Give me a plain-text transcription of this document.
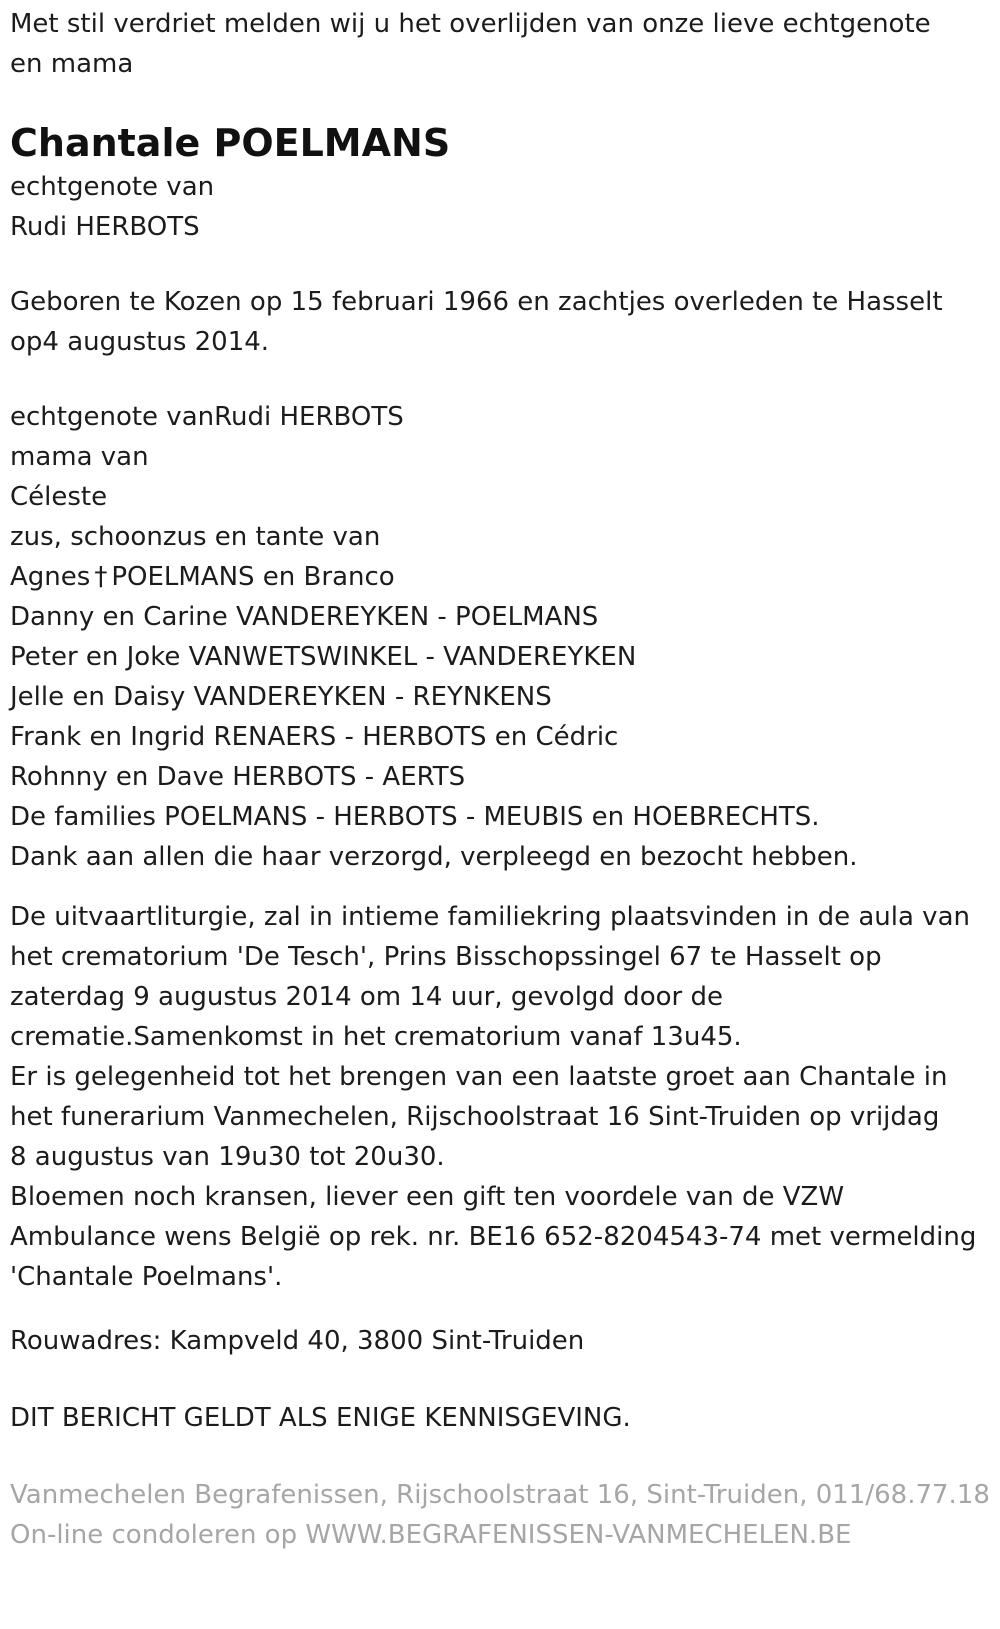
Met stil verdriet melden wij u het overlijden van onze lieve echtgenote
en mama
Chantale POELMANS
echtgenote van
Rudi HERBOTS
Geboren te Kozen op 15 februari 1966 en zachtjes overleden te Hasselt
op4 augustus 2014.
echtgenote vanRudi HERBOTS
mama van
Céleste
zus, schoonzus en tante van
Agnes † POELMANS en Branco
Danny en Carine VANDEREYKEN - POELMANS
Peter en Joke VANWETSWINKEL - VANDEREYKEN
Jelle en Daisy VANDEREYKEN - REYNKENS
Frank en Ingrid RENAERS - HERBOTS en Cédric
Rohnny en Dave HERBOTS - AERTS
De families POELMANS - HERBOTS - MEUBIS en HOEBRECHTS.
Dank aan allen die haar verzorgd, verpleegd en bezocht hebben.
De uitvaartliturgie, zal in intieme familiekring plaatsvinden in de aula van
het crematorium 'De Tesch', Prins Bisschopssingel 67 te Hasselt op
zaterdag 9 augustus 2014 om 14 uur, gevolgd door de
crematie.Samenkomst in het crematorium vanaf 13u45.
Er is gelegenheid tot het brengen van een laatste groet aan Chantale in
het funerarium Vanmechelen, Rijschoolstraat 16 Sint-Truiden op vrijdag
8 augustus van 19u30 tot 20u30.
Bloemen noch kransen, liever een gift ten voordele van de VZW
Ambulance wens België op rek. nr. BE16 652-8204543-74 met vermelding
'Chantale Poelmans'.
Rouwadres: Kampveld 40, 3800 Sint-Truiden
DIT BERICHT GELDT ALS ENIGE KENNISGEVING.
Vanmechelen Begrafenissen, Rijschoolstraat 16, Sint-Truiden, 011/68.77.18
On-line condoleren op WWW.BEGRAFENISSEN-VANMECHELEN.BE
